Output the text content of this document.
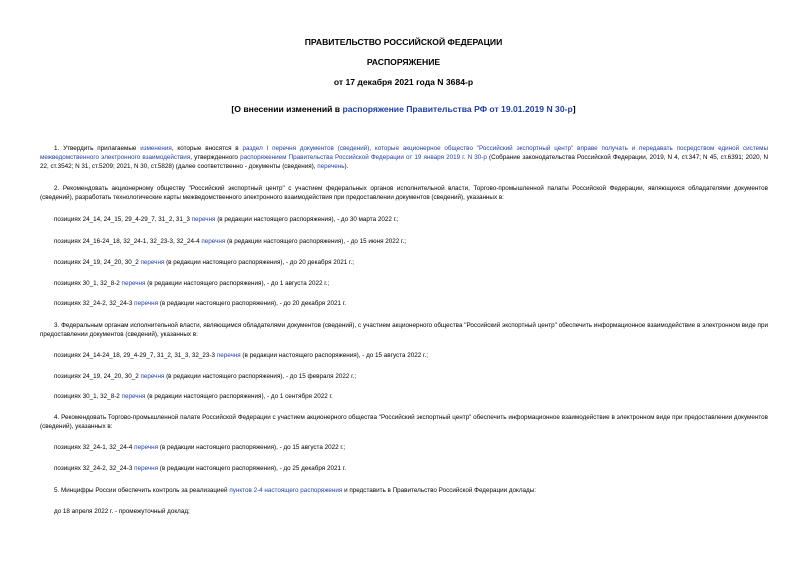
ПРАВИТЕЛЬСТВО РОССИЙСКОЙ ФЕДЕРАЦИИ
РАСПОРЯЖЕНИЕ
от 17 декабря 2021 года N 3684-р
[О внесении изменений в распоряжение Правительства РФ от 19.01.2019 N 30-р]
1. Утвердить прилагаемые изменения, которые вносятся в раздел I перечня документов (сведений), которые акционерное общество "Российский экспортный центр" вправе получать и передавать посредством единой системы межведомственного электронного взаимодействия, утвержденного распоряжением Правительства Российской Федерации от 19 января 2019 г. N 30-р (Собрание законодательства Российской Федерации, 2019, N 4, ст.347; N 45, ст.6391; 2020, N 22, ст.3542; N 31, ст.5209; 2021, N 30, ст.5828) (далее соответственно - документы (сведения), перечень).
2. Рекомендовать акционерному обществу "Российский экспортный центр" с участием федеральных органов исполнительной власти, Торгово-промышленной палаты Российской Федерации, являющихся обладателями документов (сведений), разработать технологические карты межведомственного электронного взаимодействия при предоставлении документов (сведений), указанных в:
позициях 24_14, 24_15, 29_4-29_7, 31_2, 31_3 перечня (в редакции настоящего распоряжения), - до 30 марта 2022 г.;
позициях 24_16-24_18, 32_24-1, 32_23-3, 32_24-4 перечня (в редакции настоящего распоряжения), - до 15 июня 2022 г.;
позициях 24_19, 24_20, 30_2 перечня (в редакции настоящего распоряжения), - до 20 декабря 2021 г.;
позициях 30_1, 32_8-2 перечня (в редакции настоящего распоряжения), - до 1 августа 2022 г.;
позициях 32_24-2, 32_24-3 перечня (в редакции настоящего распоряжения), - до 20 декабря 2021 г.
3. Федеральным органам исполнительной власти, являющимся обладателями документов (сведений), с участием акционерного общества "Российский экспортный центр" обеспечить информационное взаимодействие в электронном виде при предоставлении документов (сведений), указанных в:
позициях 24_14-24_18, 29_4-29_7, 31_2, 31_3, 32_23-3 перечня (в редакции настоящего распоряжения), - до 15 августа 2022 г.;
позициях 24_19, 24_20, 30_2 перечня (в редакции настоящего распоряжения), - до 15 февраля 2022 г.;
позициях 30_1, 32_8-2 перечня (в редакции настоящего распоряжения), - до 1 сентября 2022 г.
4. Рекомендовать Торгово-промышленной палате Российской Федерации с участием акционерного общества "Российский экспортный центр" обеспечить информационное взаимодействие в электронном виде при предоставлении документов (сведений), указанных в:
позициях 32_24-1, 32_24-4 перечня (в редакции настоящего распоряжения), - до 15 августа 2022 г.;
позициях 32_24-2, 32_24-3 перечня (в редакции настоящего распоряжения), - до 25 декабря 2021 г.
5. Минцифры России обеспечить контроль за реализацией пунктов 2-4 настоящего распоряжения и представить в Правительство Российской Федерации доклады:
до 18 апреля 2022 г. - промежуточный доклад;
